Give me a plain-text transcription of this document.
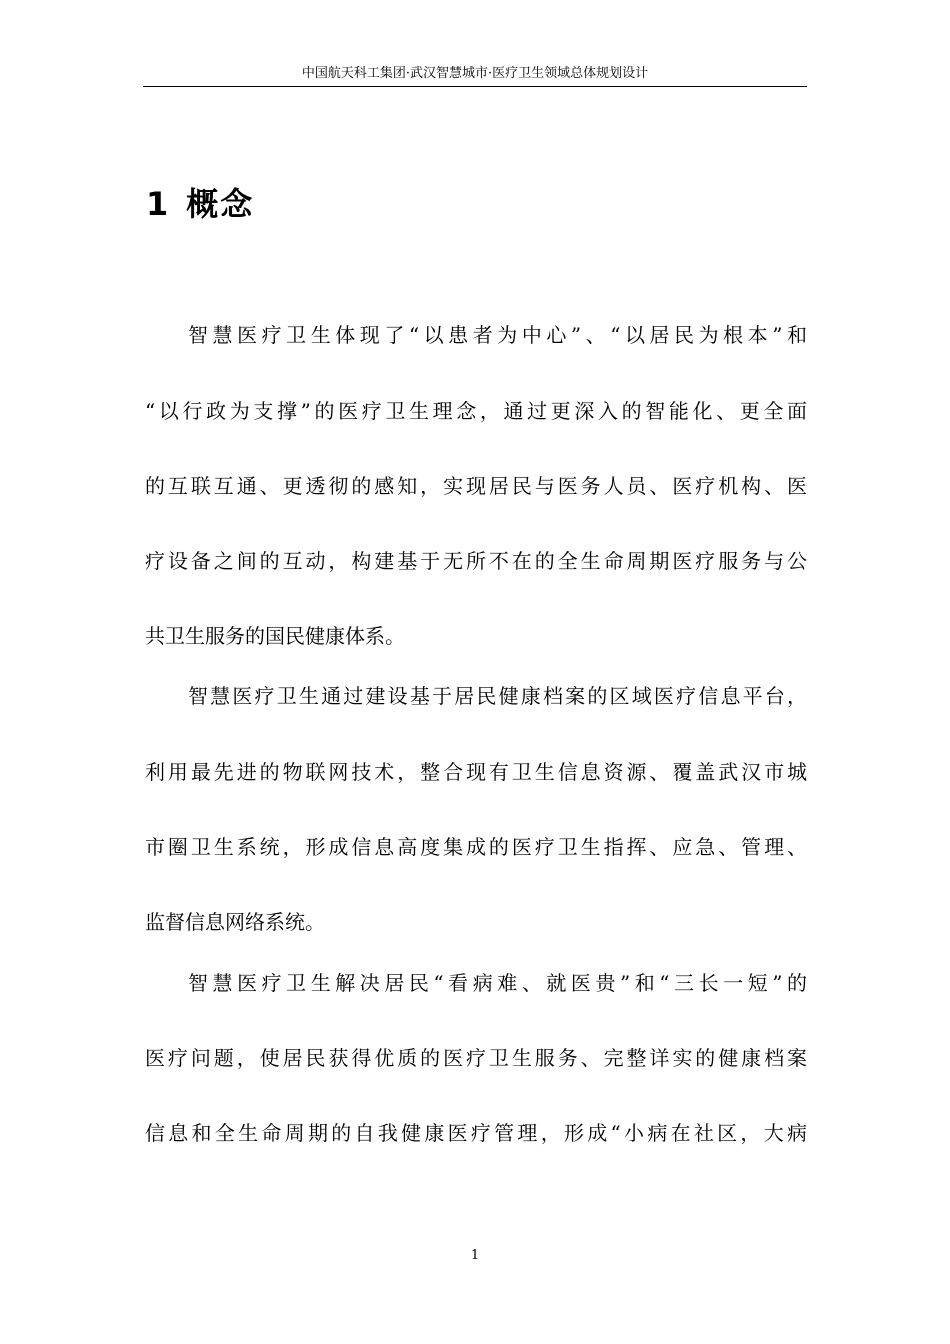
中国航天科工集团·武汉智慧城市·医疗卫生领域总体规划设计
1 概念
智慧医疗卫生体现了“以患者为中心”、“以居民为根本”和
“以行政为支撑”的医疗卫生理念，通过更深入的智能化、更全面
的互联互通、更透彻的感知，实现居民与医务人员、医疗机构、医
疗设备之间的互动，构建基于无所不在的全生命周期医疗服务与公
共卫生服务的国民健康体系。
智慧医疗卫生通过建设基于居民健康档案的区域医疗信息平台，
利用最先进的物联网技术，整合现有卫生信息资源、覆盖武汉市城
市圈卫生系统，形成信息高度集成的医疗卫生指挥、应急、管理、
监督信息网络系统。
智慧医疗卫生解决居民“看病难、就医贵”和“三长一短”的
医疗问题，使居民获得优质的医疗卫生服务、完整详实的健康档案
信息和全生命周期的自我健康医疗管理，形成“小病在社区，大病
1
